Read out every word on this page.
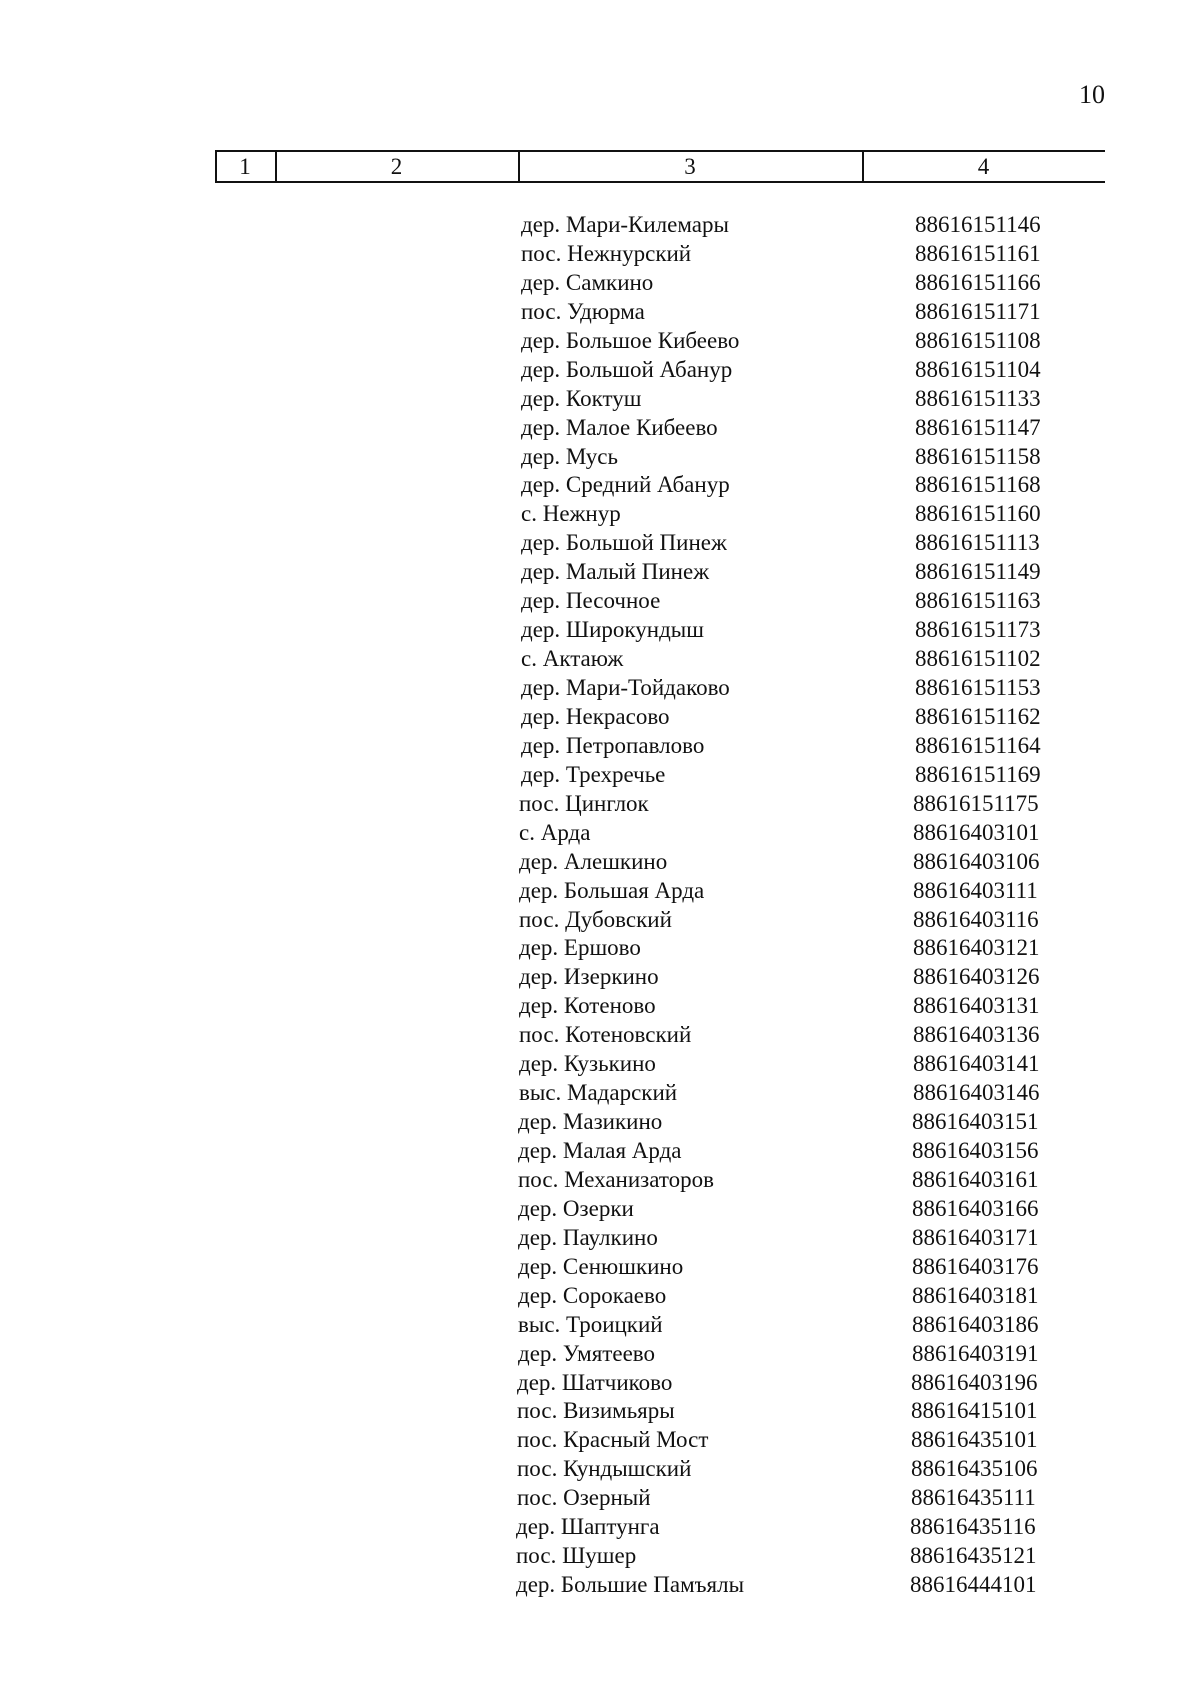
10
1	2	3	4
дер. Мари-Килемары	88616151146
пос. Нежнурский	88616151161
дер. Самкино	88616151166
пос. Удюрма	88616151171
дер. Большое Кибеево	88616151108
дер. Большой Абанур	88616151104
дер. Коктуш	88616151133
дер. Малое Кибеево	88616151147
дер. Мусь	88616151158
дер. Средний Абанур	88616151168
с. Нежнур	88616151160
дер. Большой Пинеж	88616151113
дер. Малый Пинеж	88616151149
дер. Песочное	88616151163
дер. Широкундыш	88616151173
с. Актаюж	88616151102
дер. Мари-Тойдаково	88616151153
дер. Некрасово	88616151162
дер. Петропавлово	88616151164
дер. Трехречье	88616151169
пос. Цинглок	88616151175
с. Арда	88616403101
дер. Алешкино	88616403106
дер. Большая Арда	88616403111
пос. Дубовский	88616403116
дер. Ершово	88616403121
дер. Изеркино	88616403126
дер. Котеново	88616403131
пос. Котеновский	88616403136
дер. Кузькино	88616403141
выс. Мадарский	88616403146
дер. Мазикино	88616403151
дер. Малая Арда	88616403156
пос. Механизаторов	88616403161
дер. Озерки	88616403166
дер. Паулкино	88616403171
дер. Сенюшкино	88616403176
дер. Сорокаево	88616403181
выс. Троицкий	88616403186
дер. Умятеево	88616403191
дер. Шатчиково	88616403196
пос. Визимьяры	88616415101
пос. Красный Мост	88616435101
пос. Кундышский	88616435106
пос. Озерный	88616435111
дер. Шаптунга	88616435116
пос. Шушер	88616435121
дер. Большие Памъялы	88616444101
